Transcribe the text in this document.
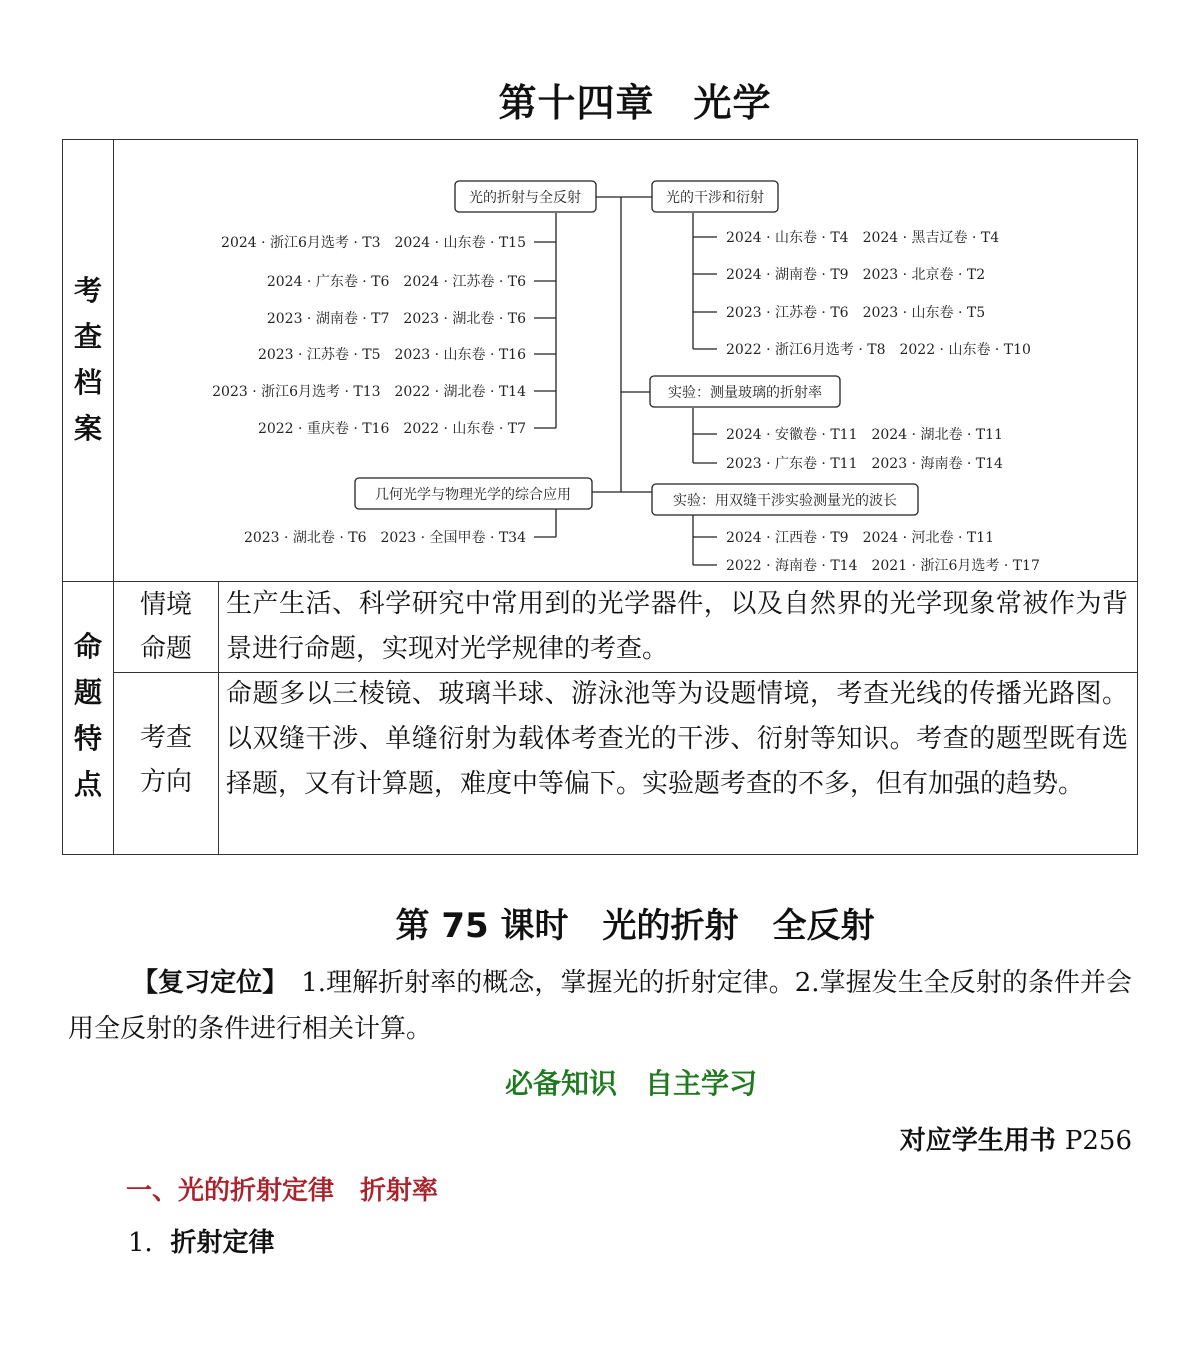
第十四章　光学
考
查
档
案
命
题
特
点
情境
命题
考查
方向
生产生活、科学研究中常用到的光学器件，以及自然界的光学现象常被作为背景进行命题，实现对光学规律的考查。
命题多以三棱镜、玻璃半球、游泳池等为设题情境，考查光线的传播光路图。以双缝干涉、单缝衍射为载体考查光的干涉、衍射等知识。考查的题型既有选择题，又有计算题，难度中等偏下。实验题考查的不多，但有加强的趋势。
光的折射与全反射	光的干涉和衍射
实验：测量玻璃的折射率
几何光学与物理光学的综合应用	实验：用双缝干涉实验测量光的波长
2024 · 浙江6月选考 · T3　2024 · 山东卷 · T15
2024 · 广东卷 · T6　2024 · 江苏卷 · T6
2023 · 湖南卷 · T7　2023 · 湖北卷 · T6
2023 · 江苏卷 · T5　2023 · 山东卷 · T16
2023 · 浙江6月选考 · T13　2022 · 湖北卷 · T14
2022 · 重庆卷 · T16　2022 · 山东卷 · T7
2023 · 湖北卷 · T6　2023 · 全国甲卷 · T34
2024 · 山东卷 · T4　2024 · 黑吉辽卷 · T4
2024 · 湖南卷 · T9　2023 · 北京卷 · T2
2023 · 江苏卷 · T6　2023 · 山东卷 · T5
2022 · 浙江6月选考 · T8　2022 · 山东卷 · T10
2024 · 安徽卷 · T11　2024 · 湖北卷 · T11
2023 · 广东卷 · T11　2023 · 海南卷 · T14
2024 · 江西卷 · T9　2024 · 河北卷 · T11
2022 · 海南卷 · T14　2021 · 浙江6月选考 · T17
第 75 课时　光的折射　全反射
【复习定位】　1.理解折射率的概念，掌握光的折射定律。2.掌握发生全反射的条件并会用全反射的条件进行相关计算。
必备知识　自主学习
对应学生用书 P256
一、光的折射定律　折射率
1．折射定律
